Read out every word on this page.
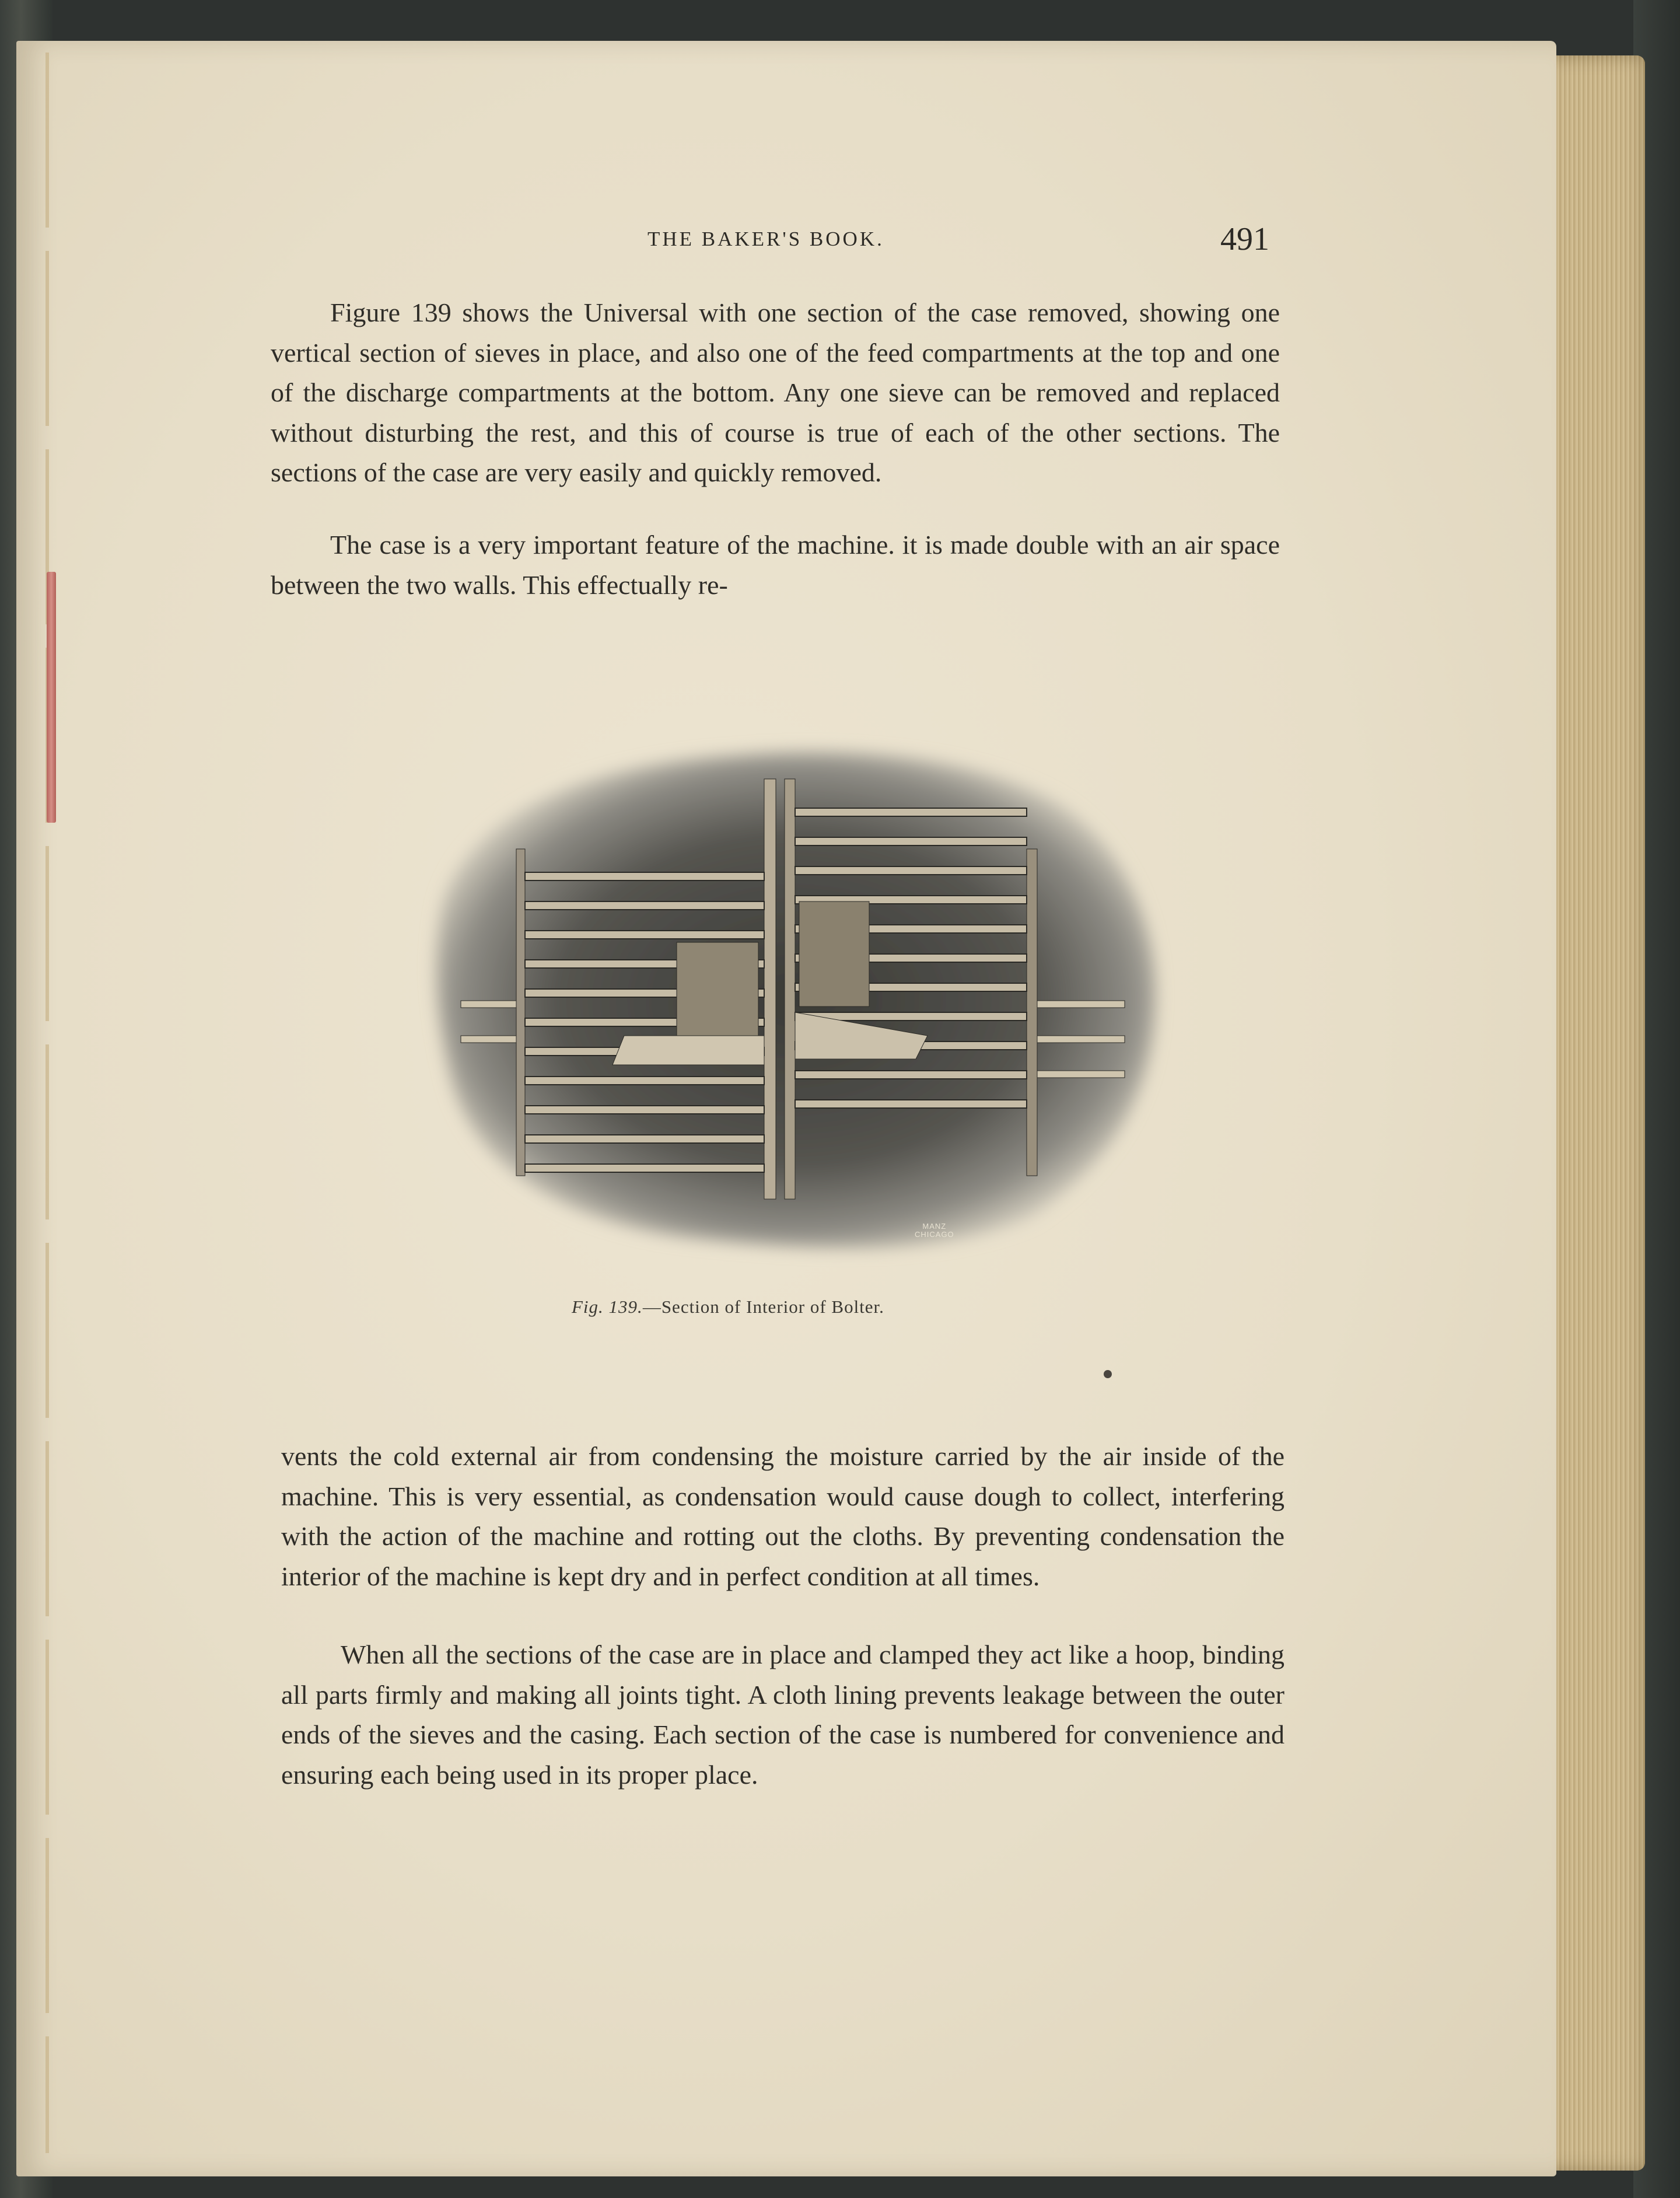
THE BAKER'S BOOK.	491

Figure 139 shows the Universal with one section of the case removed, showing one vertical section of sieves in place, and also one of the feed compartments at the top and one of the discharge compartments at the bottom. Any one sieve can be removed and replaced without disturbing the rest, and this of course is true of each of the other sections. The sections of the case are very easily and quickly removed.

The case is a very important feature of the machine. it is made double with an air space between the two walls. This effectually re-

MANZ
CHICAGO
Fig. 139.—Section of Interior of Bolter.

vents the cold external air from condensing the moisture carried by the air inside of the machine. This is very essential, as condensation would cause dough to collect, interfering with the action of the machine and rotting out the cloths. By preventing condensation the interior of the machine is kept dry and in perfect condition at all times.

When all the sections of the case are in place and clamped they act like a hoop, binding all parts firmly and making all joints tight. A cloth lining prevents leakage between the outer ends of the sieves and the casing. Each section of the case is numbered for convenience and ensuring each being used in its proper place.
